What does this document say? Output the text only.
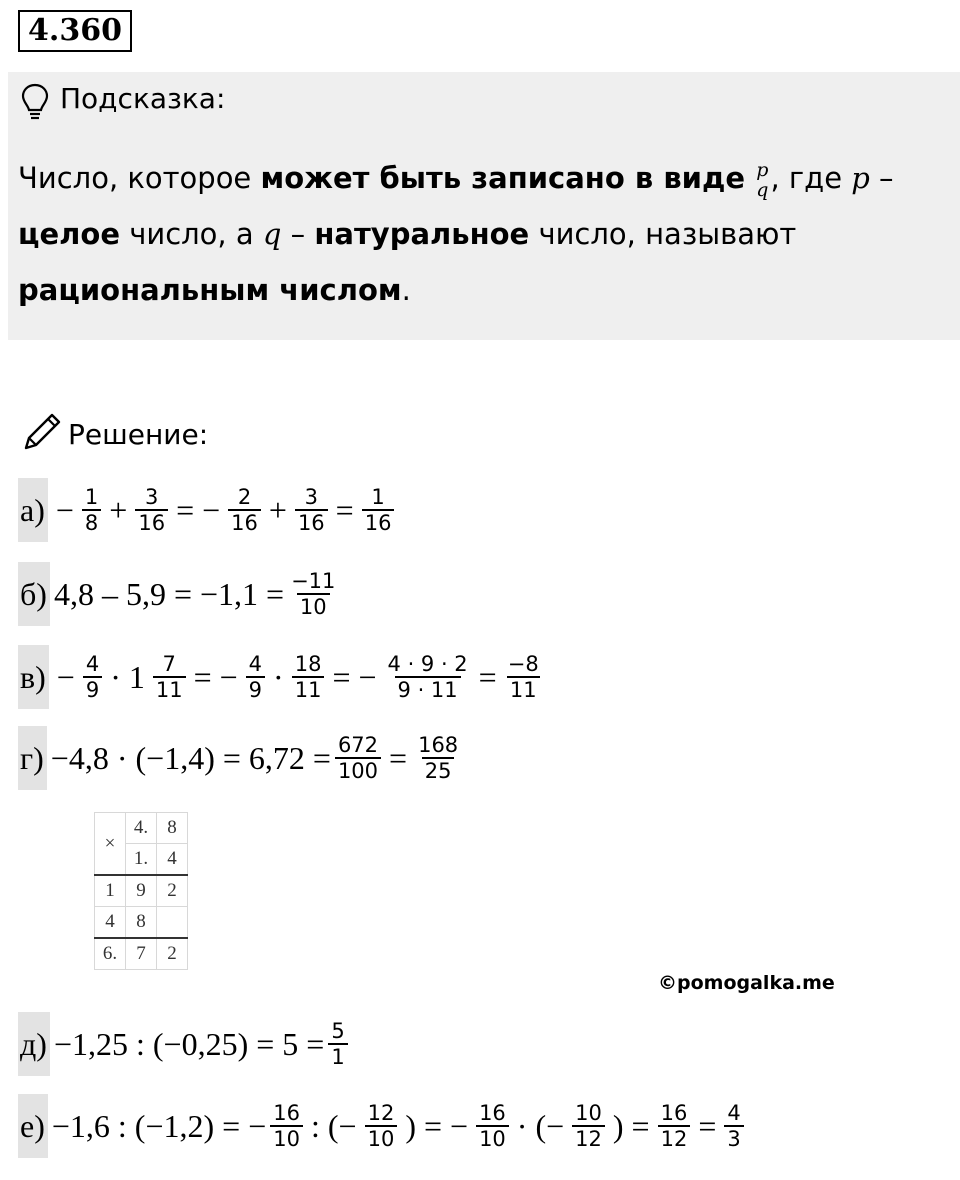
4.360
Подсказка:
Число, которое может быть записано в виде p
q , где p – целое число, а q – натуральное число, называют рациональным числом.
Решение:
$а) - \frac{1}{8} + \frac{3}{16}$ = − $\frac{2}{16} + \frac{3}{16} = \frac{1}{16}$
б) $4,8 - 5,9 = -1,1 = \frac{-11}{10}$
$в) - \frac{4}{9} \cdot 1 \frac{7}{11}$ = − $\frac{4}{9} \cdot \frac{18}{11}$ = − $\frac{4 \cdot 9 \cdot 2}{9 \cdot 11} = \frac{-8}{11}$
$г) -4,8 \cdot (-1,4) = 6,72 = \frac{672}{100} = \frac{168}{25}$
×	4.	8
	1.	4
1	9	2
4	8	
6.	7	2
©pomogalka.me
д) −1,25 : $(-0,25) = 5 = \frac{5}{1}$
е) −1,6 : (−1,2) = − $\frac{16}{10}$ : (− $\frac{12}{10}$ ) = − $\frac{16}{10}$ · (− $\frac{10}{12}$ ) = $\frac{16}{12} = \frac{4}{3}$
